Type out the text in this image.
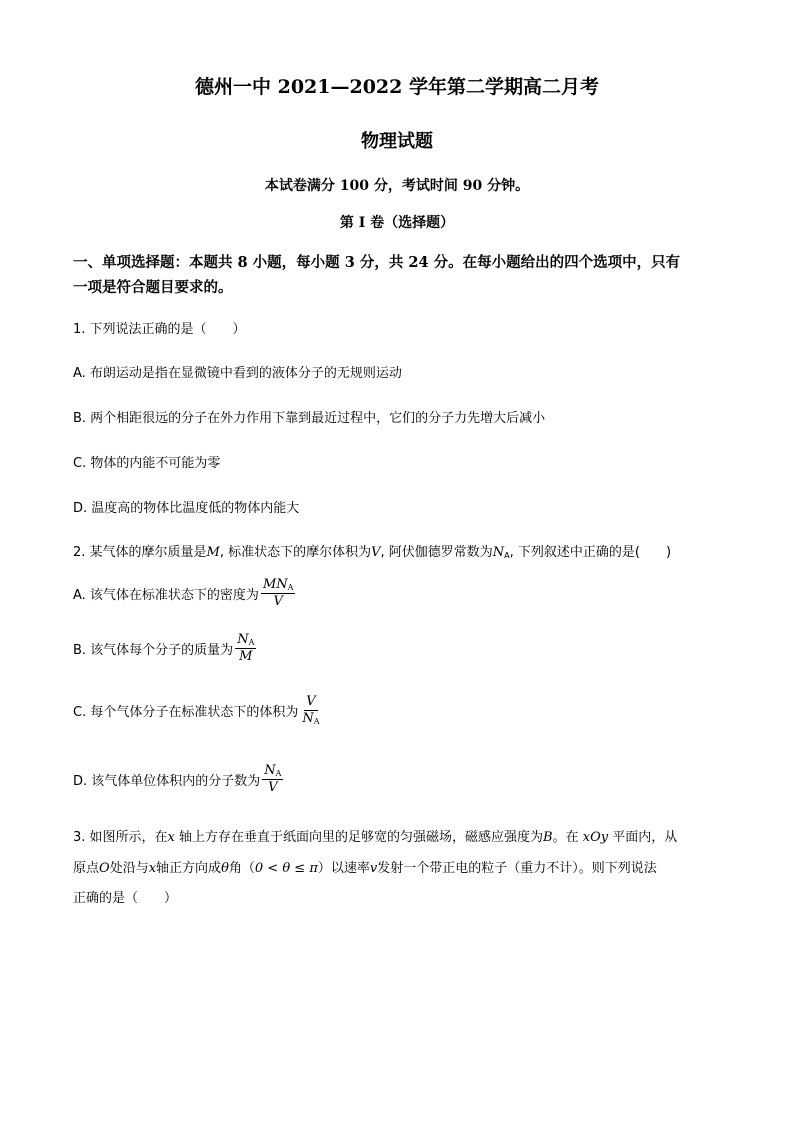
德州一中 2021—2022 学年第二学期高二月考
物理试题
本试卷满分 100 分，考试时间 90 分钟。
第 I 卷（选择题）
一、单项选择题：本题共 8 小题，每小题 3 分，共 24 分。在每小题给出的四个选项中，只有
一项是符合题目要求的。
1. 下列说法正确的是（　　）
A. 布朗运动是指在显微镜中看到的液体分子的无规则运动
B. 两个相距很远的分子在外力作用下靠到最近过程中，它们的分子力先增大后减小
C. 物体的内能不可能为零
D. 温度高的物体比温度低的物体内能大
2. 某气体的摩尔质量是M, 标准状态下的摩尔体积为V, 阿伏伽德罗常数为$N_A$, 下列叙述中正确的是(　　)
A. 该气体在标准状态下的密度为 $\frac{MN_A}{V}$
B. 该气体每个分子的质量为 $\frac{N_A}{M}$
C. 每个气体分子在标准状态下的体积为 $\frac{V}{N_A}$
D. 该气体单位体积内的分子数为 $\frac{N_A}{V}$
3. 如图所示，在x 轴上方存在垂直于纸面向里的足够宽的匀强磁场，磁感应强度为B。在 xOy 平面内，从
原点O处沿与x轴正方向成θ角（0 < θ ≤ π）以速率v发射一个带正电的粒子（重力不计）。则下列说法
正确的是（　　）
